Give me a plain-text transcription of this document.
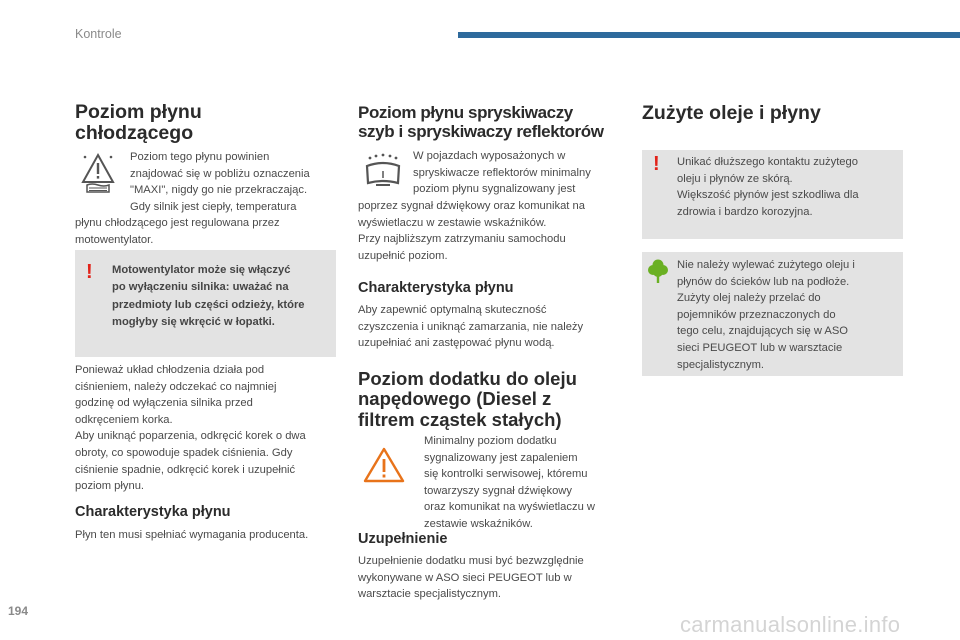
Kontrole
Poziom płynu
chłodzącego
Poziom tego płynu powinien
znajdować się w pobliżu oznaczenia
"MAXI", nigdy go nie przekraczając.
Gdy silnik jest ciepły, temperatura
płynu chłodzącego jest regulowana przez
motowentylator.
! Motowentylator może się włączyć
po wyłączeniu silnika: uważać na
przedmioty lub części odzieży, które
mogłyby się wkręcić w łopatki.
Ponieważ układ chłodzenia działa pod
ciśnieniem, należy odczekać co najmniej
godzinę od wyłączenia silnika przed
odkręceniem korka.
Aby uniknąć poparzenia, odkręcić korek o dwa
obroty, co spowoduje spadek ciśnienia. Gdy
ciśnienie spadnie, odkręcić korek i uzupełnić
poziom płynu.
Charakterystyka płynu
Płyn ten musi spełniać wymagania producenta.
Poziom płynu spryskiwaczy
szyb i spryskiwaczy reflektorów
W pojazdach wyposażonych w
spryskiwacze reflektorów minimalny
poziom płynu sygnalizowany jest
poprzez sygnał dźwiękowy oraz komunikat na
wyświetlaczu w zestawie wskaźników.
Przy najbliższym zatrzymaniu samochodu
uzupełnić poziom.
Charakterystyka płynu
Aby zapewnić optymalną skuteczność
czyszczenia i uniknąć zamarzania, nie należy
uzupełniać ani zastępować płynu wodą.
Poziom dodatku do oleju
napędowego (Diesel z
filtrem cząstek stałych)
Minimalny poziom dodatku
sygnalizowany jest zapaleniem
się kontrolki serwisowej, któremu
towarzyszy sygnał dźwiękowy
oraz komunikat na wyświetlaczu w
zestawie wskaźników.
Uzupełnienie
Uzupełnienie dodatku musi być bezwzględnie
wykonywane w ASO sieci PEUGEOT lub w
warsztacie specjalistycznym.
Zużyte oleje i płyny
! Unikać dłuższego kontaktu zużytego
oleju i płynów ze skórą.
Większość płynów jest szkodliwa dla
zdrowia i bardzo korozyjna.
Nie należy wylewać zużytego oleju i
płynów do ścieków lub na podłoże.
Zużyty olej należy przelać do
pojemników przeznaczonych do
tego celu, znajdujących się w ASO
sieci PEUGEOT lub w warsztacie
specjalistycznym.
194
carmanualsonline.info
